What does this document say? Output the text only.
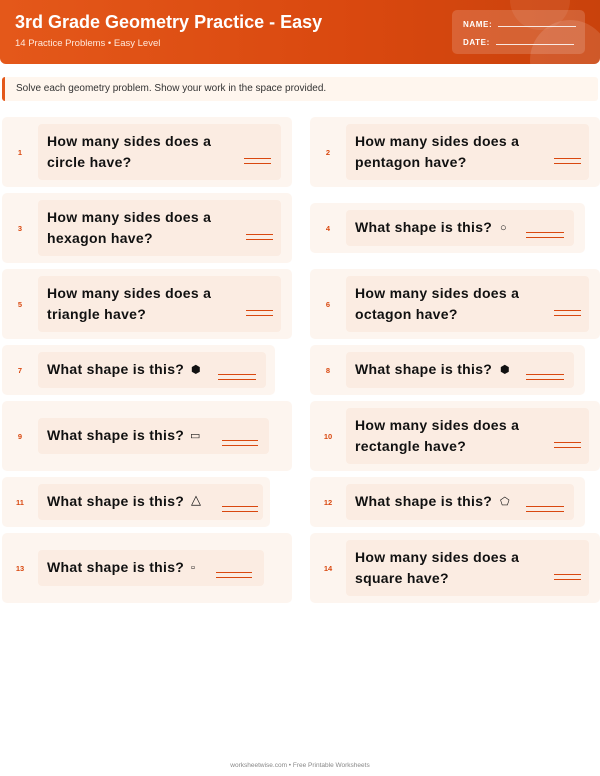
3rd Grade Geometry Practice - Easy
14 Practice Problems • Easy Level
NAME:
DATE:
Solve each geometry problem. Show your work in the space provided.
1
How many sides does a
circle have?
2
How many sides does a
pentagon have?
3
How many sides does a
hexagon have?
4	What shape is this? ○
5
How many sides does a
triangle have?
6
How many sides does a
octagon have?
7	What shape is this? ⬢	8	What shape is this? ⬢
9	What shape is this? ▭	10
How many sides does a
rectangle have?
11 What shape is this? △	12 What shape is this? ⬠
13 What shape is this? ▫	14
How many sides does a
square have?
worksheetwise.com • Free Printable Worksheets
